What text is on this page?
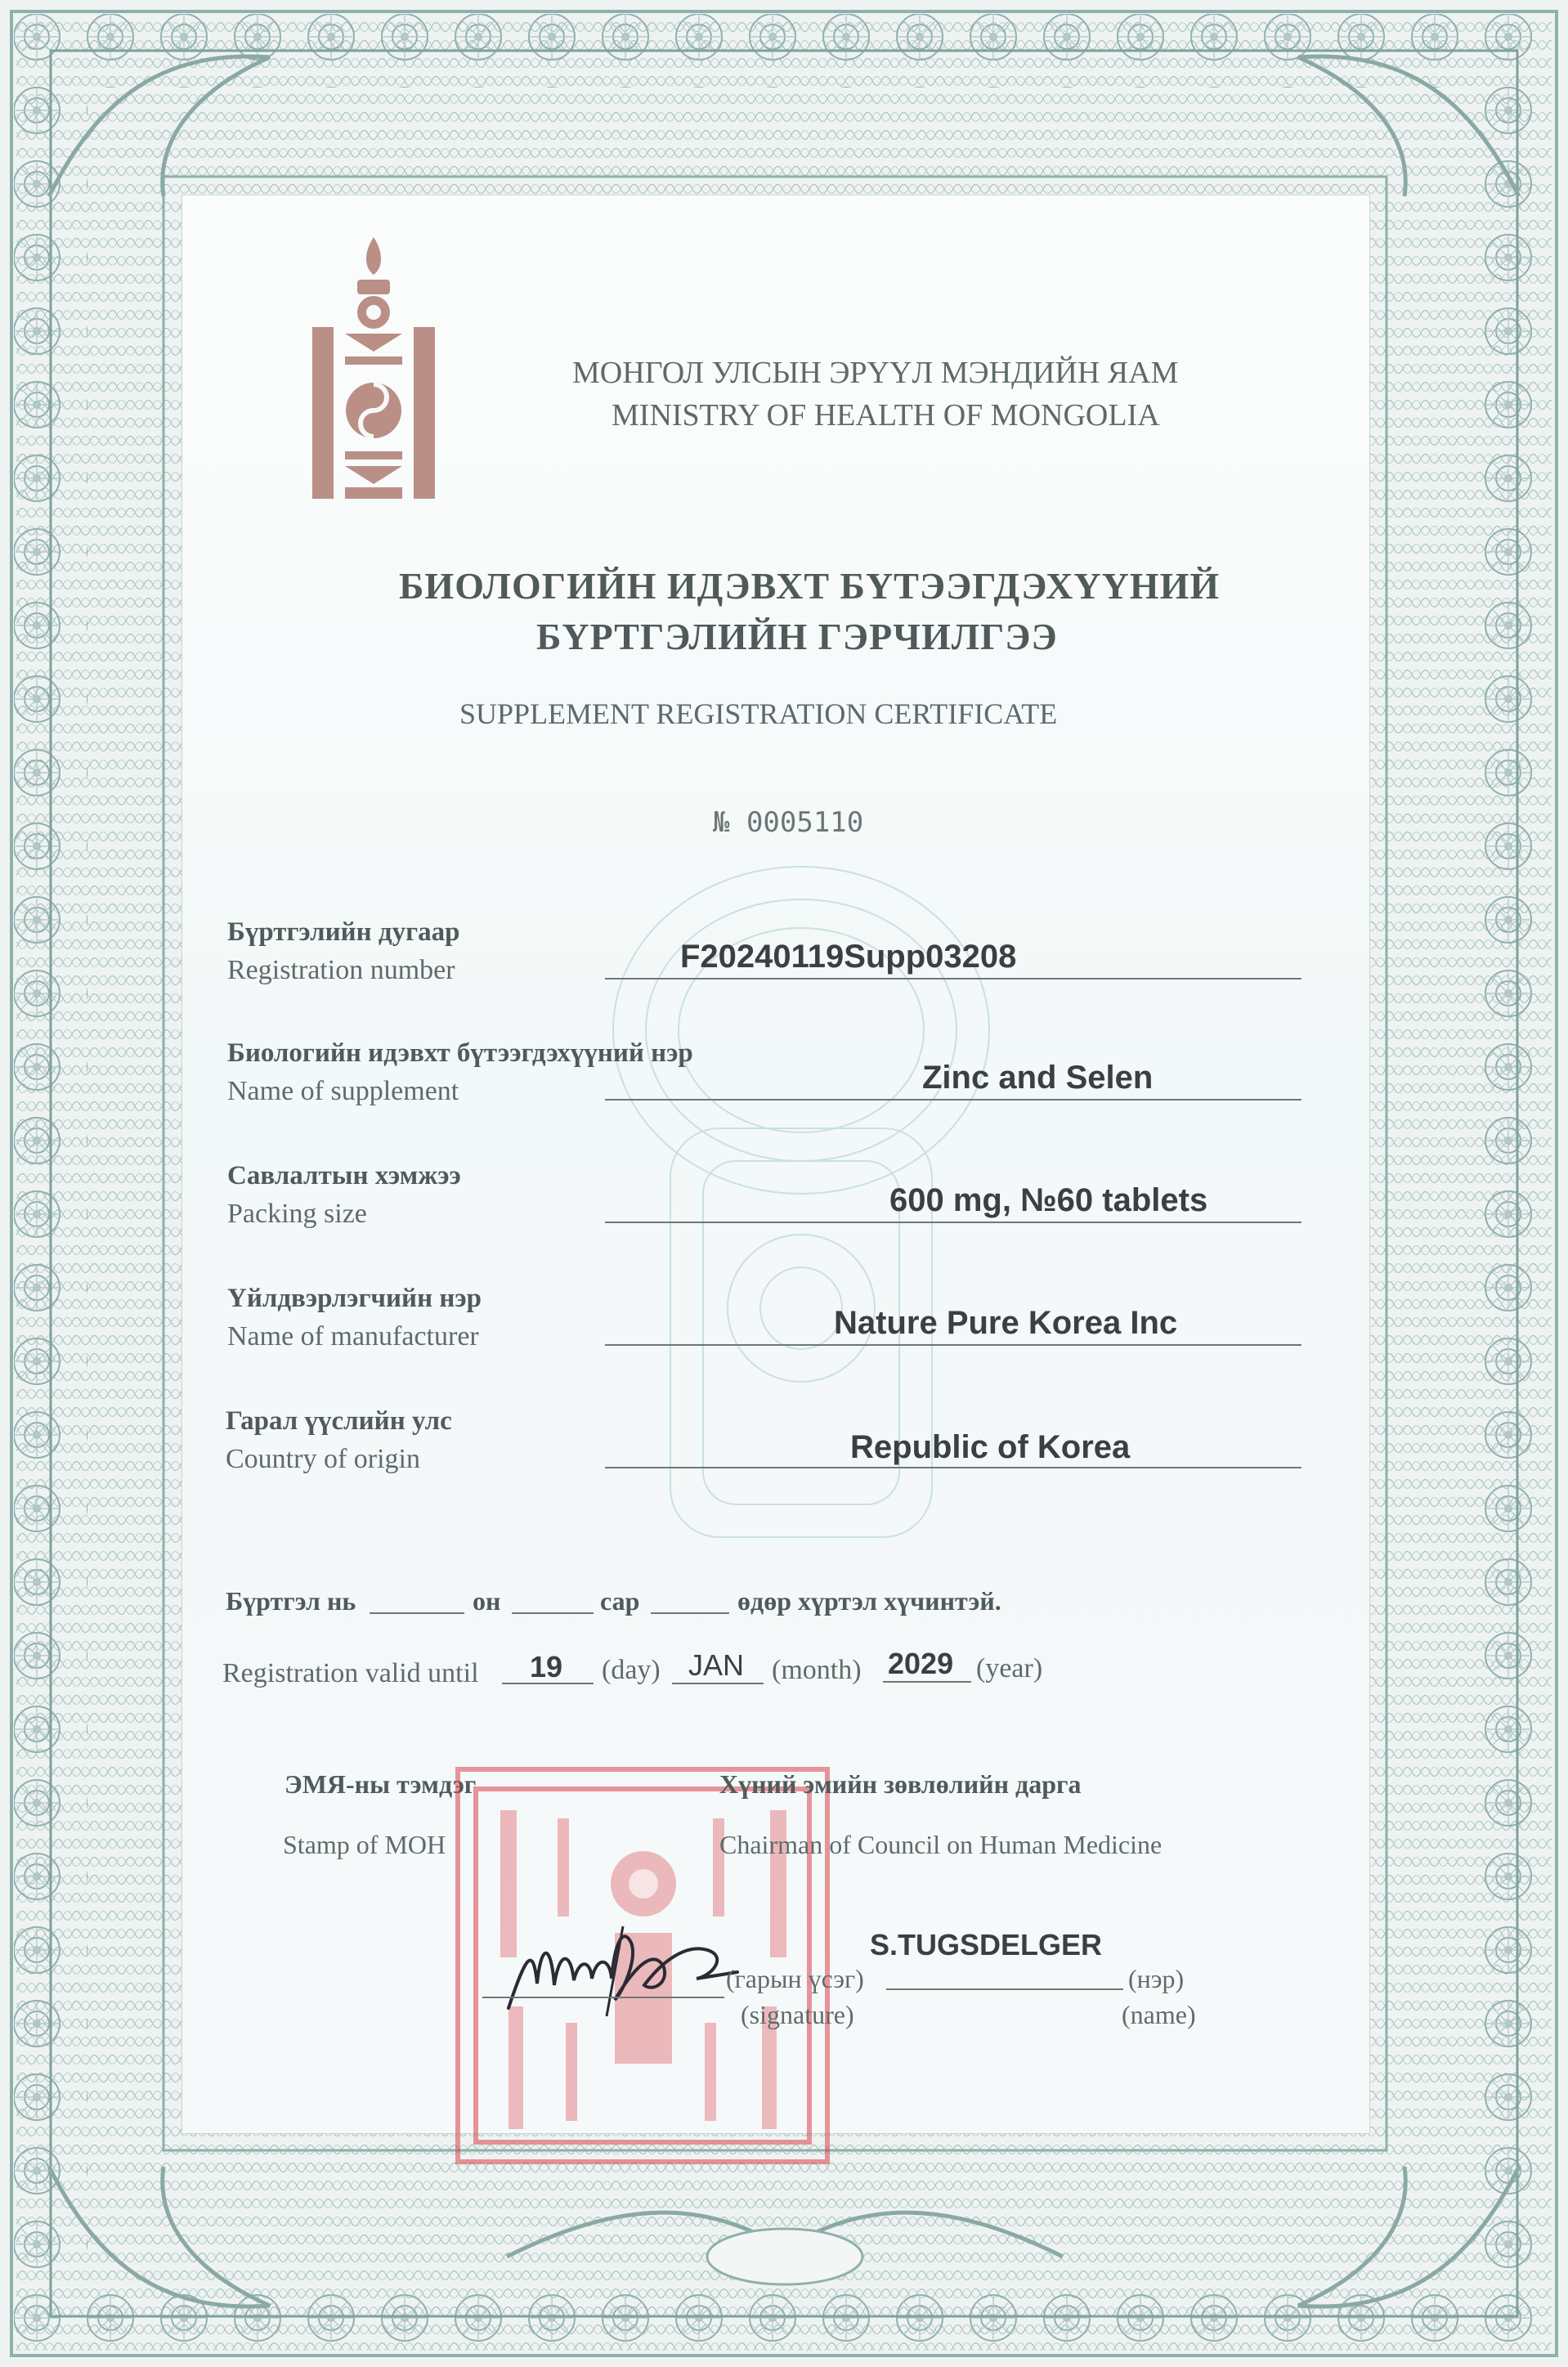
МОНГОЛ УЛСЫН ЭРҮҮЛ МЭНДИЙН ЯАМ
MINISTRY OF HEALTH OF MONGOLIA
БИОЛОГИЙН ИДЭВХТ БҮТЭЭГДЭХҮҮНИЙ
БҮРТГЭЛИЙН ГЭРЧИЛГЭЭ
SUPPLEMENT REGISTRATION CERTIFICATE
№ 0005110
Бүртгэлийн дугаар
Registration number	F20240119Supp03208
Биологийн идэвхт бүтээгдэхүүний нэр
Name of supplement	Zinc and Selen
Савлалтын хэмжээ
Packing size	600 mg, №60 tablets
Үйлдвэрлэгчийн нэр
Name of manufacturer	Nature Pure Korea Inc
Гарал үүслийн улс
Country of origin	Republic of Korea
Бүртгэл нь	он	сар	өдөр хүртэл хүчинтэй.
Registration valid until 19 (day) JAN (month) 2029 (year)
ЭМЯ-ны тэмдэг
Stamp of MOH
Хүний эмийн зөвлөлийн дарга
Chairman of Council on Human Medicine
(гарын үсэг)
(signature)
S.TUGSDELGER
(нэр)
(name)
